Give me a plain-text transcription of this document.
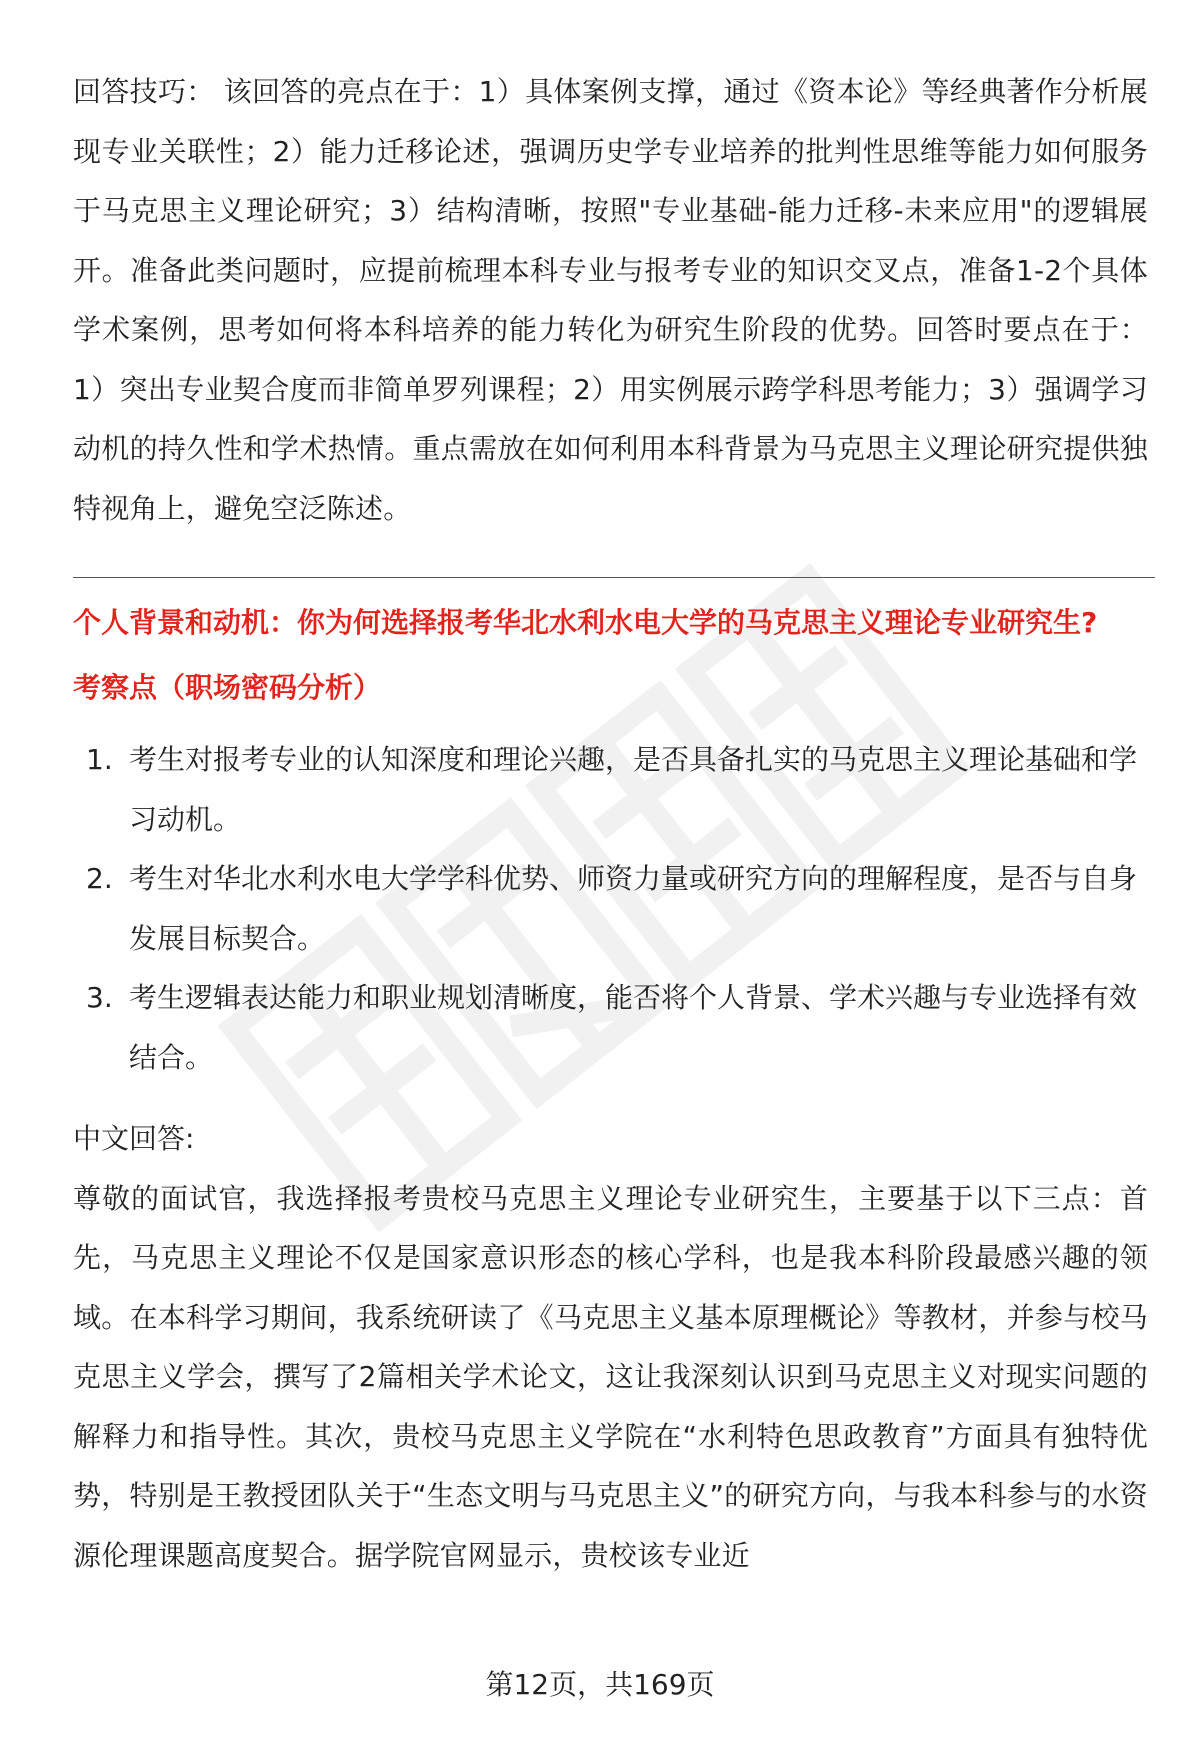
回答技巧： 该回答的亮点在于：1）具体案例支撑，通过《资本论》等经典著作分析展现专业关联性；2）能力迁移论述，强调历史学专业培养的批判性思维等能力如何服务于马克思主义理论研究；3）结构清晰，按照"专业基础-能力迁移-未来应用"的逻辑展开。准备此类问题时，应提前梳理本科专业与报考专业的知识交叉点，准备1-2个具体学术案例，思考如何将本科培养的能力转化为研究生阶段的优势。回答时要点在于：1）突出专业契合度而非简单罗列课程；2）用实例展示跨学科思考能力；3）强调学习动机的持久性和学术热情。重点需放在如何利用本科背景为马克思主义理论研究提供独特视角上，避免空泛陈述。

个人背景和动机：你为何选择报考华北水利水电大学的马克思主义理论专业研究生?

考察点（职场密码分析）

1. 考生对报考专业的认知深度和理论兴趣，是否具备扎实的马克思主义理论基础和学习动机。
2. 考生对华北水利水电大学学科优势、师资力量或研究方向的理解程度，是否与自身发展目标契合。
3. 考生逻辑表达能力和职业规划清晰度，能否将个人背景、学术兴趣与专业选择有效结合。

中文回答:

尊敬的面试官，我选择报考贵校马克思主义理论专业研究生，主要基于以下三点：首先，马克思主义理论不仅是国家意识形态的核心学科，也是我本科阶段最感兴趣的领域。在本科学习期间，我系统研读了《马克思主义基本原理概论》等教材，并参与校马克思主义学会，撰写了2篇相关学术论文，这让我深刻认识到马克思主义对现实问题的解释力和指导性。其次，贵校马克思主义学院在“水利特色思政教育”方面具有独特优势，特别是王教授团队关于“生态文明与马克思主义”的研究方向，与我本科参与的水资源伦理课题高度契合。据学院官网显示，贵校该专业近

第12页，共169页
